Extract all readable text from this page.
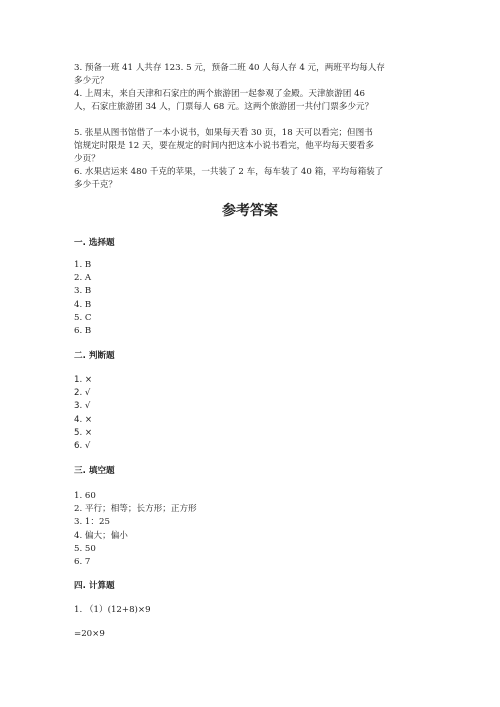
3. 预备一班 41 人共存 123. 5 元，预备二班 40 人每人存 4 元，两班平均每人存
多少元？
4. 上周末，来自天津和石家庄的两个旅游团一起参观了金殿。天津旅游团 46
人，石家庄旅游团 34 人，门票每人 68 元。这两个旅游团一共付门票多少元？
5. 张星从图书馆借了一本小说书，如果每天看 30 页，18 天可以看完；但图书
馆规定时限是 12 天，要在规定的时间内把这本小说书看完，他平均每天要看多
少页？
6. 水果店运来 480 千克的苹果，一共装了 2 车，每车装了 40 箱，平均每箱装了
多少千克？
参考答案
一. 选择题
1. B
2. A
3. B
4. B
5. C
6. B
二. 判断题
1. ×
2. √
3. √
4. ×
5. ×
6. √
三. 填空题
1. 60
2. 平行；相等；长方形；正方形
3. 1：25
4. 偏大；偏小
5. 50
6. 7
四. 计算题
1. （1）(12+8)×9
=20×9
